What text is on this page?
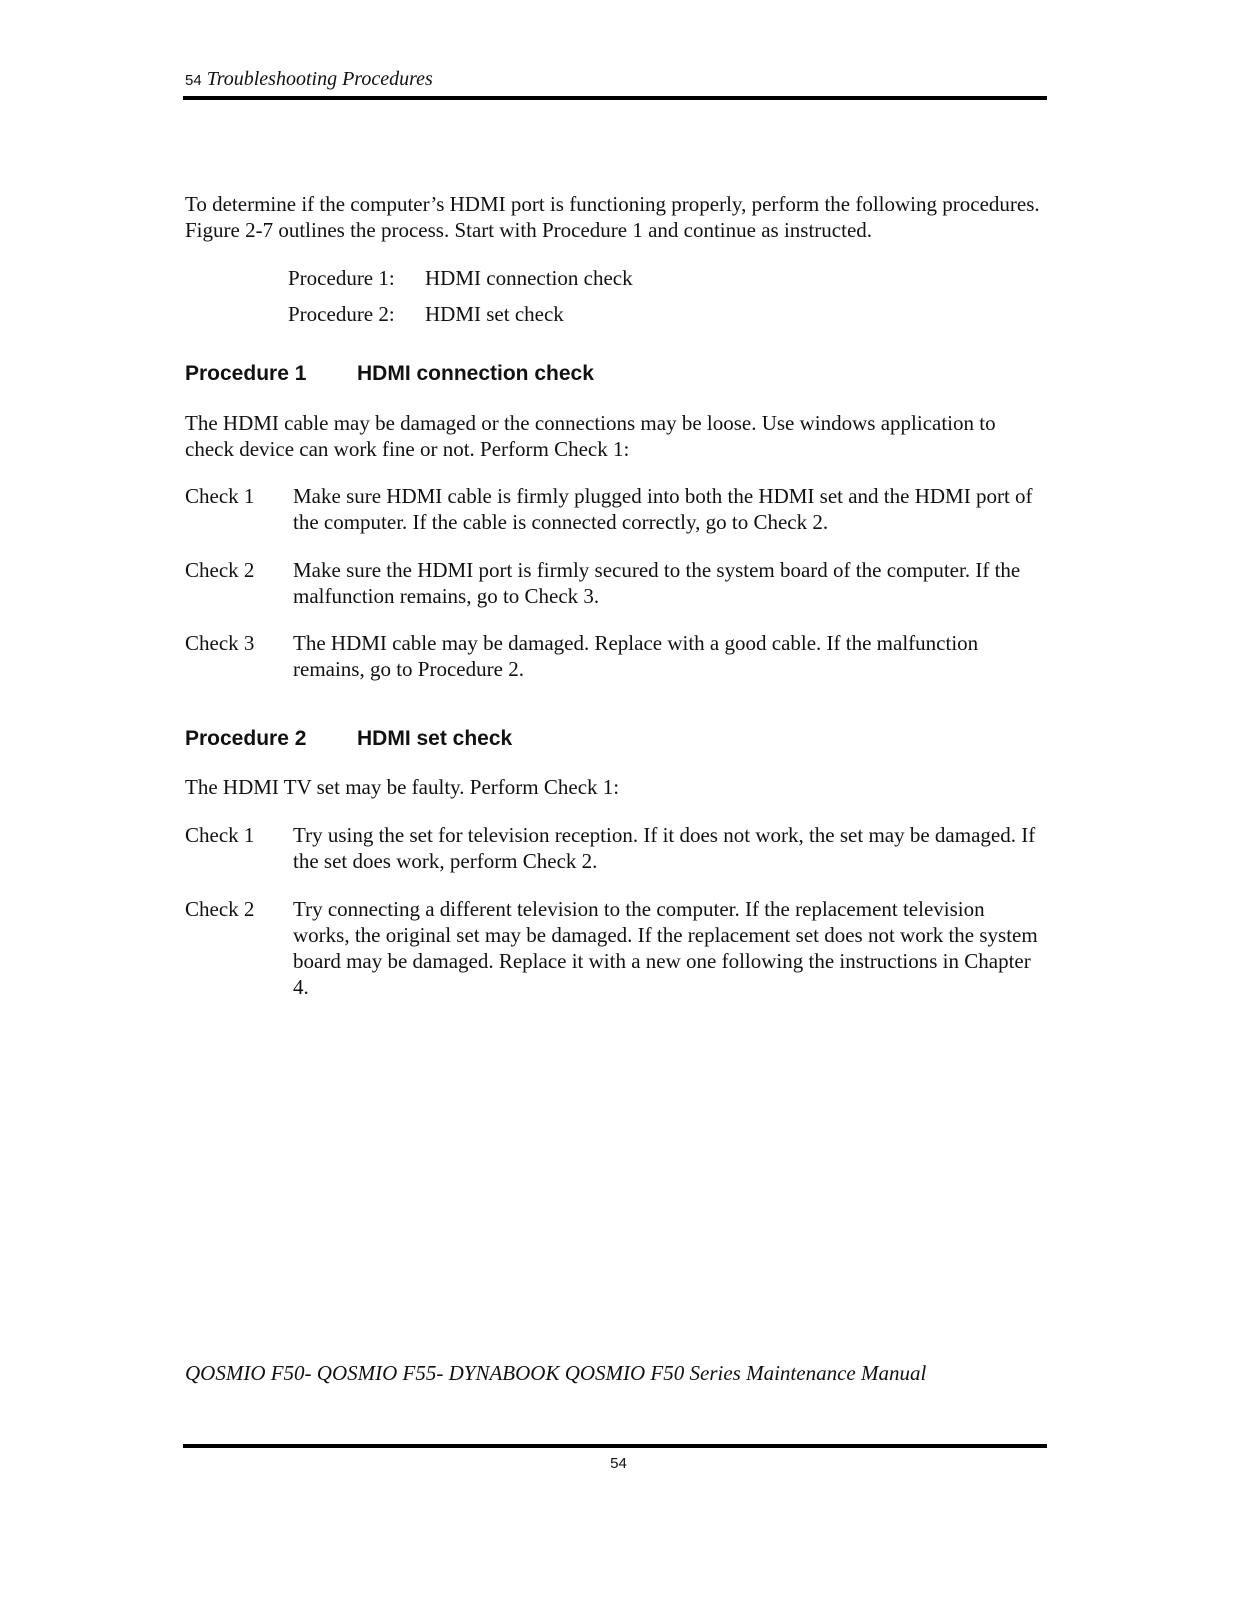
54 Troubleshooting Procedures
To determine if the computer’s HDMI port is functioning properly, perform the following procedures. Figure 2-7 outlines the process. Start with Procedure 1 and continue as instructed.
Procedure 1:	HDMI connection check
Procedure 2:	HDMI set check
Procedure 1	HDMI connection check
The HDMI cable may be damaged or the connections may be loose. Use windows application to check device can work fine or not. Perform Check 1:
Check 1	Make sure HDMI cable is firmly plugged into both the HDMI set and the HDMI port of the computer. If the cable is connected correctly, go to Check 2.
Check 2	Make sure the HDMI port is firmly secured to the system board of the computer. If the malfunction remains, go to Check 3.
Check 3	The HDMI cable may be damaged. Replace with a good cable. If the malfunction remains, go to Procedure 2.
Procedure 2	HDMI set check
The HDMI TV set may be faulty. Perform Check 1:
Check 1	Try using the set for television reception. If it does not work, the set may be damaged. If the set does work, perform Check 2.
Check 2	Try connecting a different television to the computer. If the replacement television works, the original set may be damaged. If the replacement set does not work the system board may be damaged. Replace it with a new one following the instructions in Chapter 4.
QOSMIO F50- QOSMIO F55- DYNABOOK QOSMIO F50 Series Maintenance Manual
54
